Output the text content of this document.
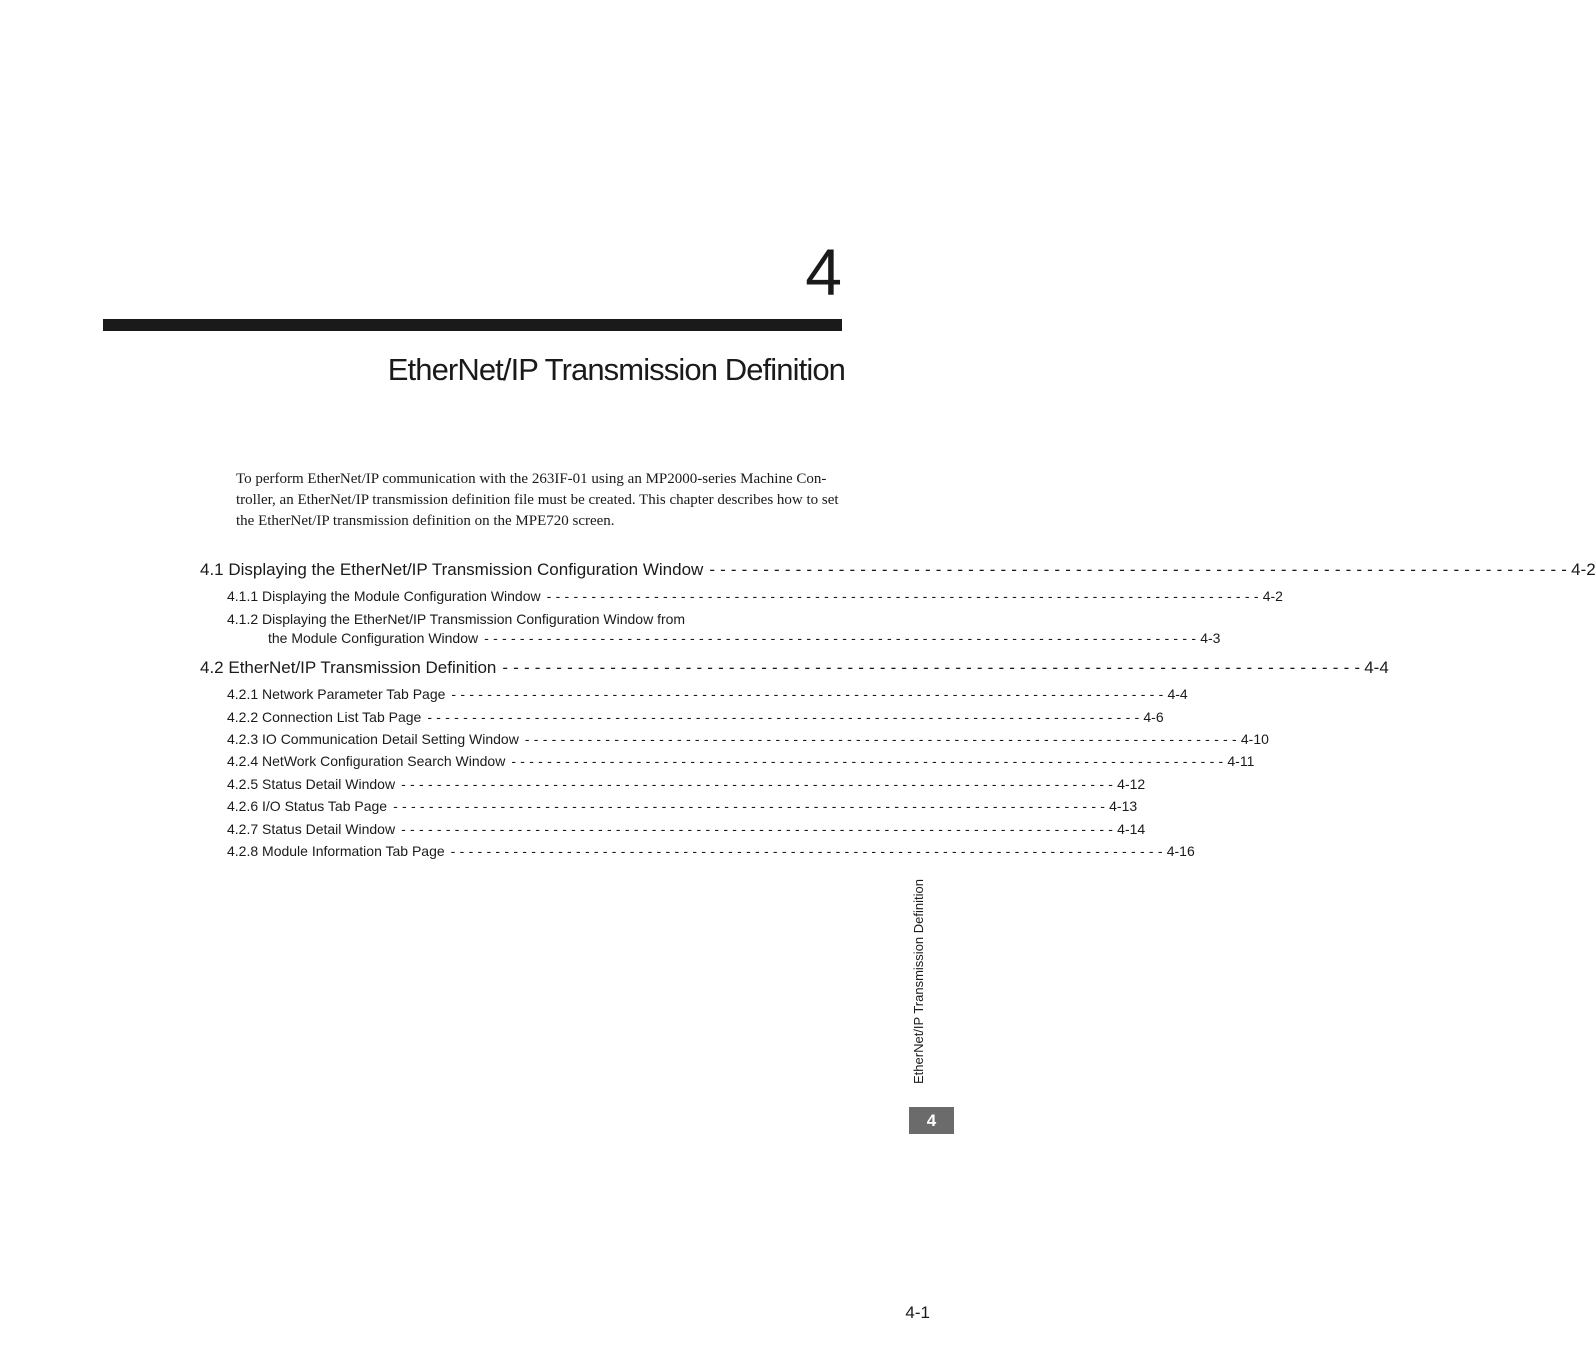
4
EtherNet/IP Transmission Definition

To perform EtherNet/IP communication with the 263IF-01 using an MP2000-series Machine Con-

troller, an EtherNet/IP transmission definition file must be created. This chapter describes how to set

the EtherNet/IP transmission definition on the MPE720 screen.

4.1 Displaying the EtherNet/IP Transmission Configuration Window - - - - - - - - - - - - - - - - - - - - - - - - - - - - - - - - - - - - - - - - - - - - - - - - - - - - - - - - - - - - - - - - - - - - - - - - - - - - - - - - 4-2
4.1.1 Displaying the Module Configuration Window - - - - - - - - - - - - - - - - - - - - - - - - - - - - - - - - - - - - - - - - - - - - - - - - - - - - - - - - - - - - - - - - - - - - - - - - - - - - - - - - 4-2
4.1.2 Displaying the EtherNet/IP Transmission Configuration Window from
the Module Configuration Window - - - - - - - - - - - - - - - - - - - - - - - - - - - - - - - - - - - - - - - - - - - - - - - - - - - - - - - - - - - - - - - - - - - - - - - - - - - - - - - - 4-3
4.2 EtherNet/IP Transmission Definition - - - - - - - - - - - - - - - - - - - - - - - - - - - - - - - - - - - - - - - - - - - - - - - - - - - - - - - - - - - - - - - - - - - - - - - - - - - - - - - - 4-4
4.2.1 Network Parameter Tab Page - - - - - - - - - - - - - - - - - - - - - - - - - - - - - - - - - - - - - - - - - - - - - - - - - - - - - - - - - - - - - - - - - - - - - - - - - - - - - - - - 4-4
4.2.2 Connection List Tab Page - - - - - - - - - - - - - - - - - - - - - - - - - - - - - - - - - - - - - - - - - - - - - - - - - - - - - - - - - - - - - - - - - - - - - - - - - - - - - - - - 4-6
4.2.3 IO Communication Detail Setting Window - - - - - - - - - - - - - - - - - - - - - - - - - - - - - - - - - - - - - - - - - - - - - - - - - - - - - - - - - - - - - - - - - - - - - - - - - - - - - - - - 4-10
4.2.4 NetWork Configuration Search Window - - - - - - - - - - - - - - - - - - - - - - - - - - - - - - - - - - - - - - - - - - - - - - - - - - - - - - - - - - - - - - - - - - - - - - - - - - - - - - - - 4-11
4.2.5 Status Detail Window - - - - - - - - - - - - - - - - - - - - - - - - - - - - - - - - - - - - - - - - - - - - - - - - - - - - - - - - - - - - - - - - - - - - - - - - - - - - - - - - 4-12
4.2.6 I/O Status Tab Page - - - - - - - - - - - - - - - - - - - - - - - - - - - - - - - - - - - - - - - - - - - - - - - - - - - - - - - - - - - - - - - - - - - - - - - - - - - - - - - - 4-13
4.2.7 Status Detail Window - - - - - - - - - - - - - - - - - - - - - - - - - - - - - - - - - - - - - - - - - - - - - - - - - - - - - - - - - - - - - - - - - - - - - - - - - - - - - - - - 4-14
4.2.8 Module Information Tab Page - - - - - - - - - - - - - - - - - - - - - - - - - - - - - - - - - - - - - - - - - - - - - - - - - - - - - - - - - - - - - - - - - - - - - - - - - - - - - - - - 4-16
EtherNet/IP Transmission Definition
4
4-1
